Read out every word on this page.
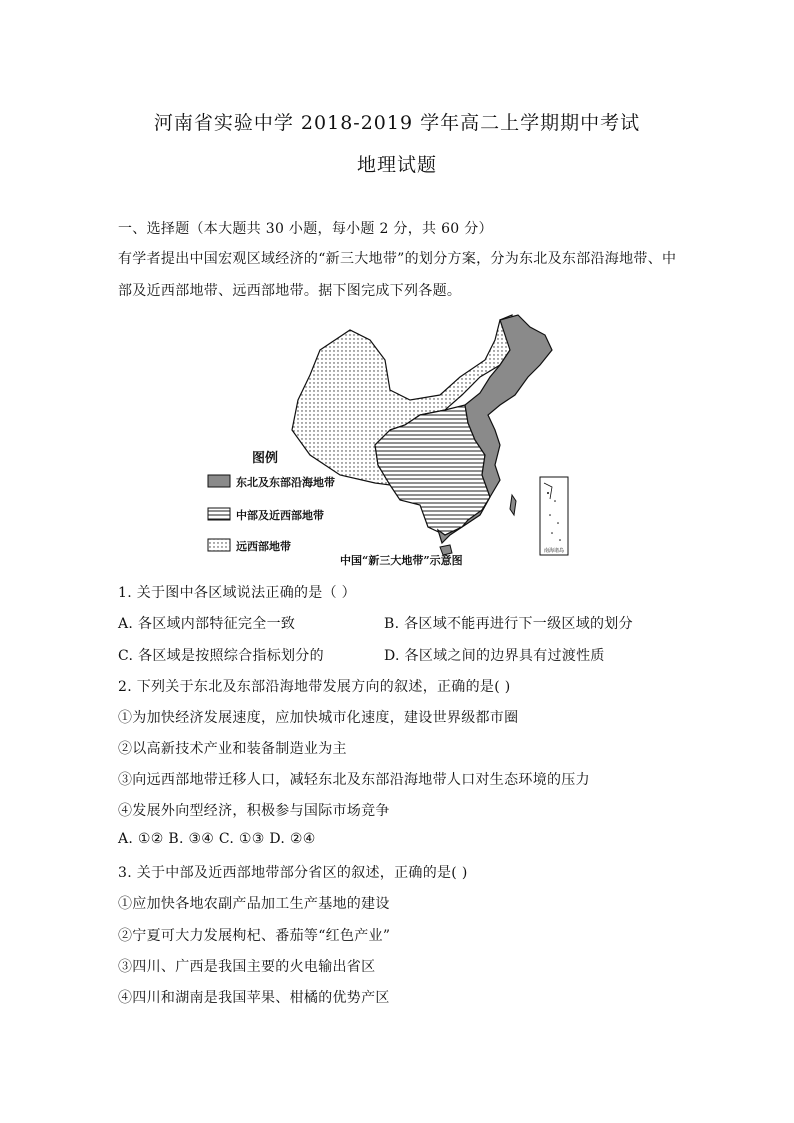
河南省实验中学 2018-2019 学年高二上学期期中考试
地理试题
一、选择题（本大题共 30 小题，每小题 2 分，共 60 分）
有学者提出中国宏观区域经济的“新三大地带”的划分方案，分为东北及东部沿海地带、中
部及近西部地带、远西部地带。据下图完成下列各题。
南海诸岛
图例
东北及东部沿海地带
中部及近西部地带
远西部地带
中国“新三大地带”示意图
1. 关于图中各区域说法正确的是（ ）
A. 各区域内部特征完全一致	B. 各区域不能再进行下一级区域的划分
C. 各区域是按照综合指标划分的	D. 各区域之间的边界具有过渡性质
2. 下列关于东北及东部沿海地带发展方向的叙述，正确的是( )
①为加快经济发展速度，应加快城市化速度，建设世界级都市圈
②以高新技术产业和装备制造业为主
③向远西部地带迁移人口，减轻东北及东部沿海地带人口对生态环境的压力
④发展外向型经济，积极参与国际市场竞争
A. ①② B. ③④ C. ①③ D. ②④
3. 关于中部及近西部地带部分省区的叙述，正确的是( )
①应加快各地农副产品加工生产基地的建设
②宁夏可大力发展枸杞、番茄等“红色产业”
③四川、广西是我国主要的火电输出省区
④四川和湖南是我国苹果、柑橘的优势产区
